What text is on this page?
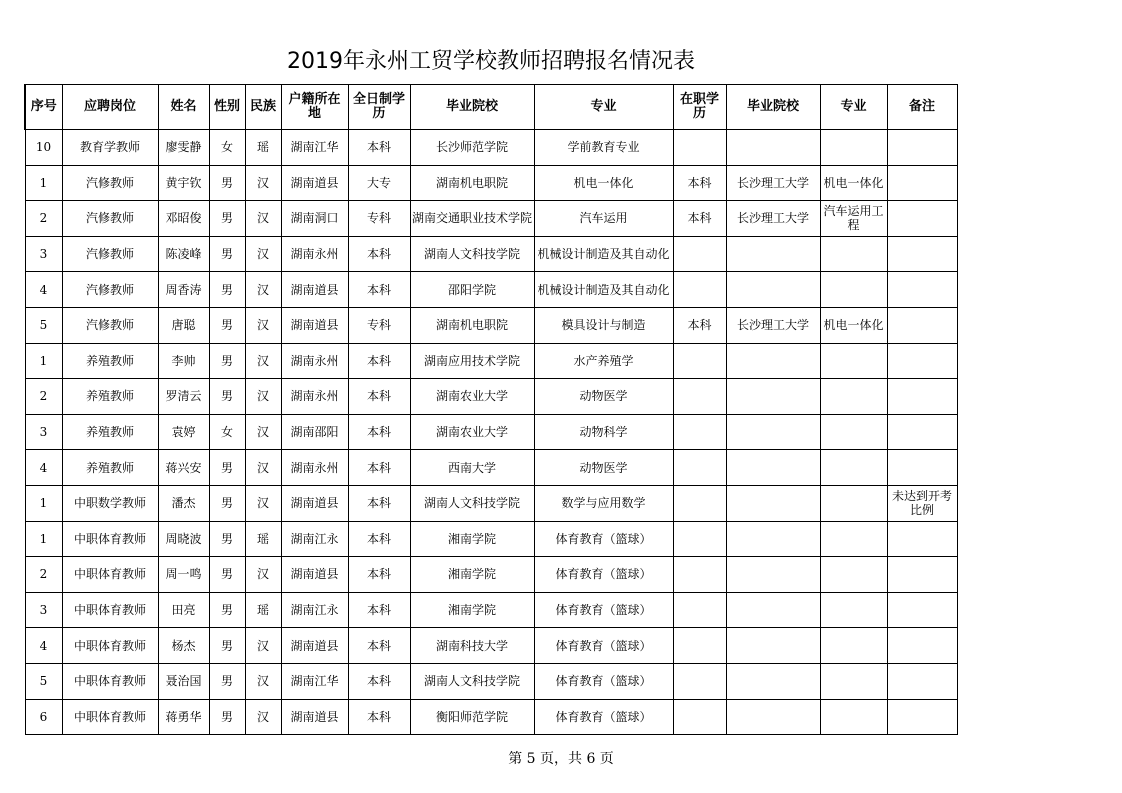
2019年永州工贸学校教师招聘报名情况表
序号	应聘岗位	姓名	性别	民族	户籍所在地	全日制学历	毕业院校	专业	在职学历	毕业院校	专业	备注
10	教育学教师	廖雯静	女	瑶	湖南江华	本科	长沙师范学院	学前教育专业				
1	汽修教师	黄宇钦	男	汉	湖南道县	大专	湖南机电职院	机电一体化	本科	长沙理工大学	机电一体化	
2	汽修教师	邓昭俊	男	汉	湖南洞口	专科	湖南交通职业技术学院	汽车运用	本科	长沙理工大学	汽车运用工程	
3	汽修教师	陈凌峰	男	汉	湖南永州	本科	湖南人文科技学院	机械设计制造及其自动化				
4	汽修教师	周香涛	男	汉	湖南道县	本科	邵阳学院	机械设计制造及其自动化				
5	汽修教师	唐聪	男	汉	湖南道县	专科	湖南机电职院	模具设计与制造	本科	长沙理工大学	机电一体化	
1	养殖教师	李帅	男	汉	湖南永州	本科	湖南应用技术学院	水产养殖学				
2	养殖教师	罗清云	男	汉	湖南永州	本科	湖南农业大学	动物医学				
3	养殖教师	袁婷	女	汉	湖南邵阳	本科	湖南农业大学	动物科学				
4	养殖教师	蒋兴安	男	汉	湖南永州	本科	西南大学	动物医学				
1	中职数学教师	潘杰	男	汉	湖南道县	本科	湖南人文科技学院	数学与应用数学				未达到开考比例
1	中职体育教师	周晓波	男	瑶	湖南江永	本科	湘南学院	体育教育（篮球）				
2	中职体育教师	周一鸣	男	汉	湖南道县	本科	湘南学院	体育教育（篮球）				
3	中职体育教师	田亮	男	瑶	湖南江永	本科	湘南学院	体育教育（篮球）				
4	中职体育教师	杨杰	男	汉	湖南道县	本科	湖南科技大学	体育教育（篮球）				
5	中职体育教师	聂治国	男	汉	湖南江华	本科	湖南人文科技学院	体育教育（篮球）				
6	中职体育教师	蒋勇华	男	汉	湖南道县	本科	衡阳师范学院	体育教育（篮球）				
第 5 页，共 6 页
